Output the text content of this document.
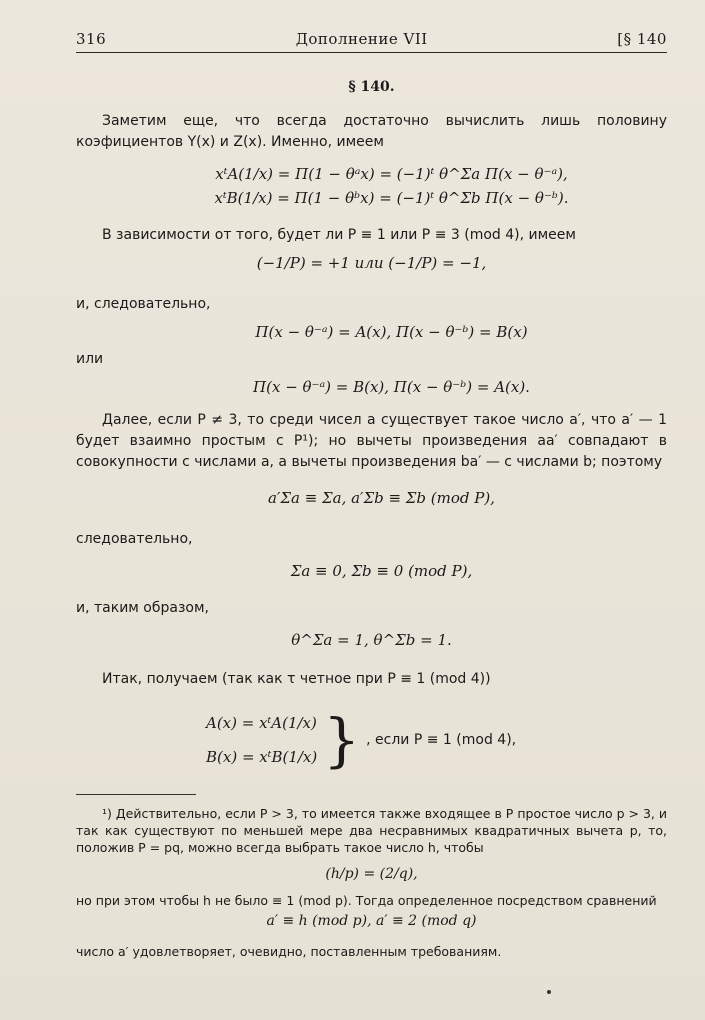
316	Дополнение VII	[§ 140
§ 140.

Заметим еще, что всегда достаточно вычислить лишь половину коэфициентов Y(x) и Z(x). Именно, имеем

xᵗA(1/x) = Π(1 − θᵃx) = (−1)ᵗ θ^Σa Π(x − θ⁻ᵃ),
xᵗB(1/x) = Π(1 − θᵇx) = (−1)ᵗ θ^Σb Π(x − θ⁻ᵇ).

В зависимости от того, будет ли P ≡ 1 или P ≡ 3 (mod 4), имеем

(−1/P) = +1 или (−1/P) = −1,

и, следовательно,

Π(x − θ⁻ᵃ) = A(x), Π(x − θ⁻ᵇ) = B(x)

или

Π(x − θ⁻ᵃ) = B(x), Π(x − θ⁻ᵇ) = A(x).

Далее, если P ≠ 3, то среди чисел a существует такое число a′, что a′ — 1 будет взаимно простым с P¹); но вычеты произведения aa′ совпадают в совокупности с числами a, а вычеты произведения ba′ — с числами b; поэтому

a′Σa ≡ Σa, a′Σb ≡ Σb (mod P),

следовательно,

Σa ≡ 0, Σb ≡ 0 (mod P),

и, таким образом,

θ^Σa = 1, θ^Σb = 1.

Итак, получаем (так как τ четное при P ≡ 1 (mod 4))

A(x) = xᵗA(1/x)
B(x) = xᵗB(1/x) } , если P ≡ 1 (mod 4),

¹) Действительно, если P > 3, то имеется также входящее в P простое число p > 3, и так как существуют по меньшей мере два несравнимых квадратичных вычета p, то, положив P = pq, можно всегда выбрать такое число h, чтобы

(h/p) = (2/q),

но при этом чтобы h не было ≡ 1 (mod p). Тогда определенное посредством сравнений

a′ ≡ h (mod p), a′ ≡ 2 (mod q)

число a′ удовлетворяет, очевидно, поставленным требованиям.
